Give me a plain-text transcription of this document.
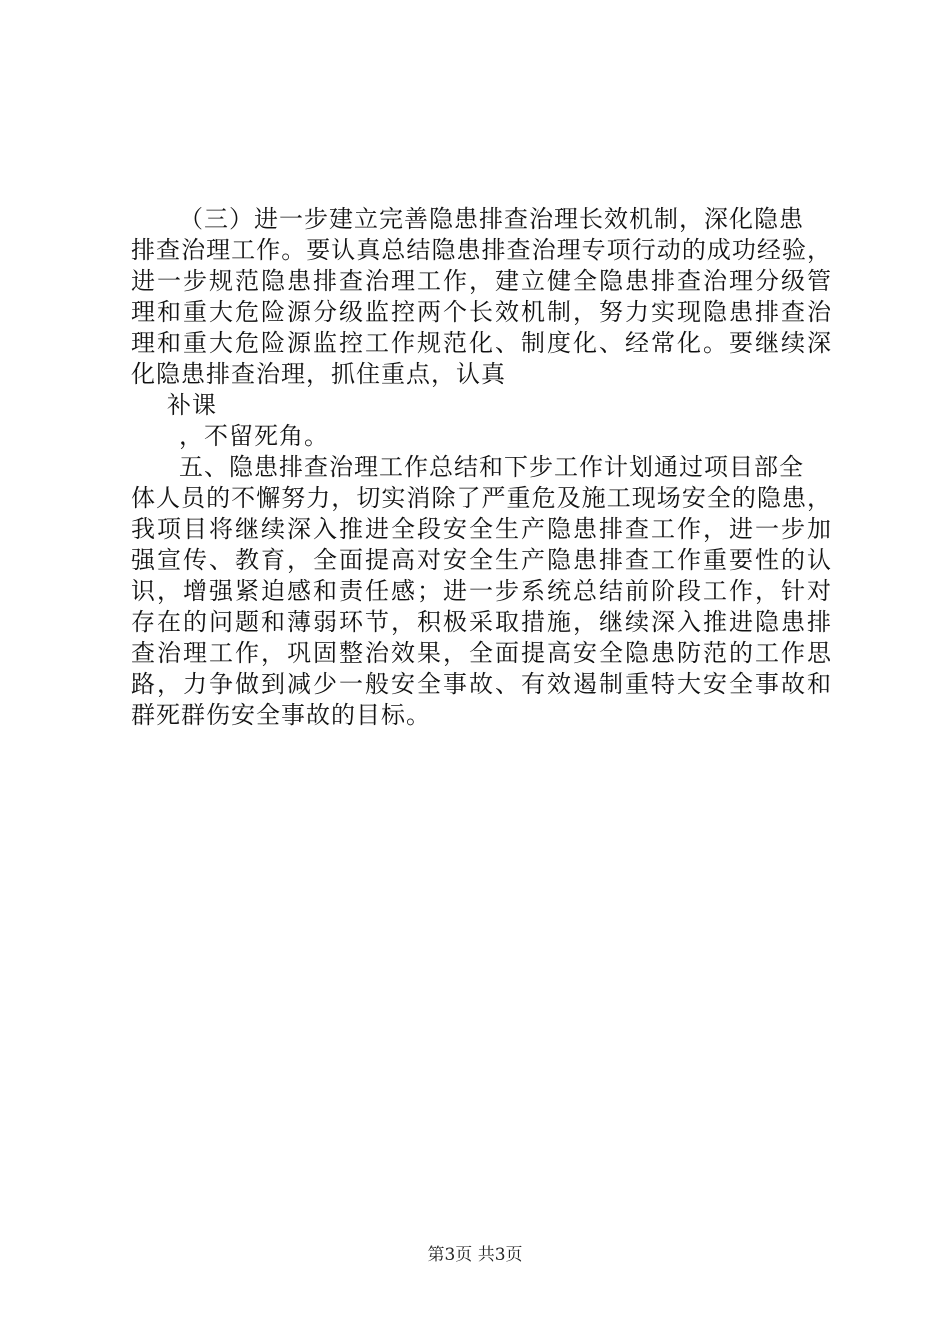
（三）进一步建立完善隐患排查治理长效机制，深化隐患
排查治理工作。要认真总结隐患排查治理专项行动的成功经验，
进一步规范隐患排查治理工作，建立健全隐患排查治理分级管
理和重大危险源分级监控两个长效机制，努力实现隐患排查治
理和重大危险源监控工作规范化、制度化、经常化。要继续深
化隐患排查治理，抓住重点，认真
补课
，不留死角。
五、隐患排查治理工作总结和下步工作计划通过项目部全
体人员的不懈努力，切实消除了严重危及施工现场安全的隐患，
我项目将继续深入推进全段安全生产隐患排查工作，进一步加
强宣传、教育，全面提高对安全生产隐患排查工作重要性的认
识，增强紧迫感和责任感；进一步系统总结前阶段工作，针对
存在的问题和薄弱环节，积极采取措施，继续深入推进隐患排
查治理工作，巩固整治效果，全面提高安全隐患防范的工作思
路，力争做到减少一般安全事故、有效遏制重特大安全事故和
群死群伤安全事故的目标。
第3页 共3页
